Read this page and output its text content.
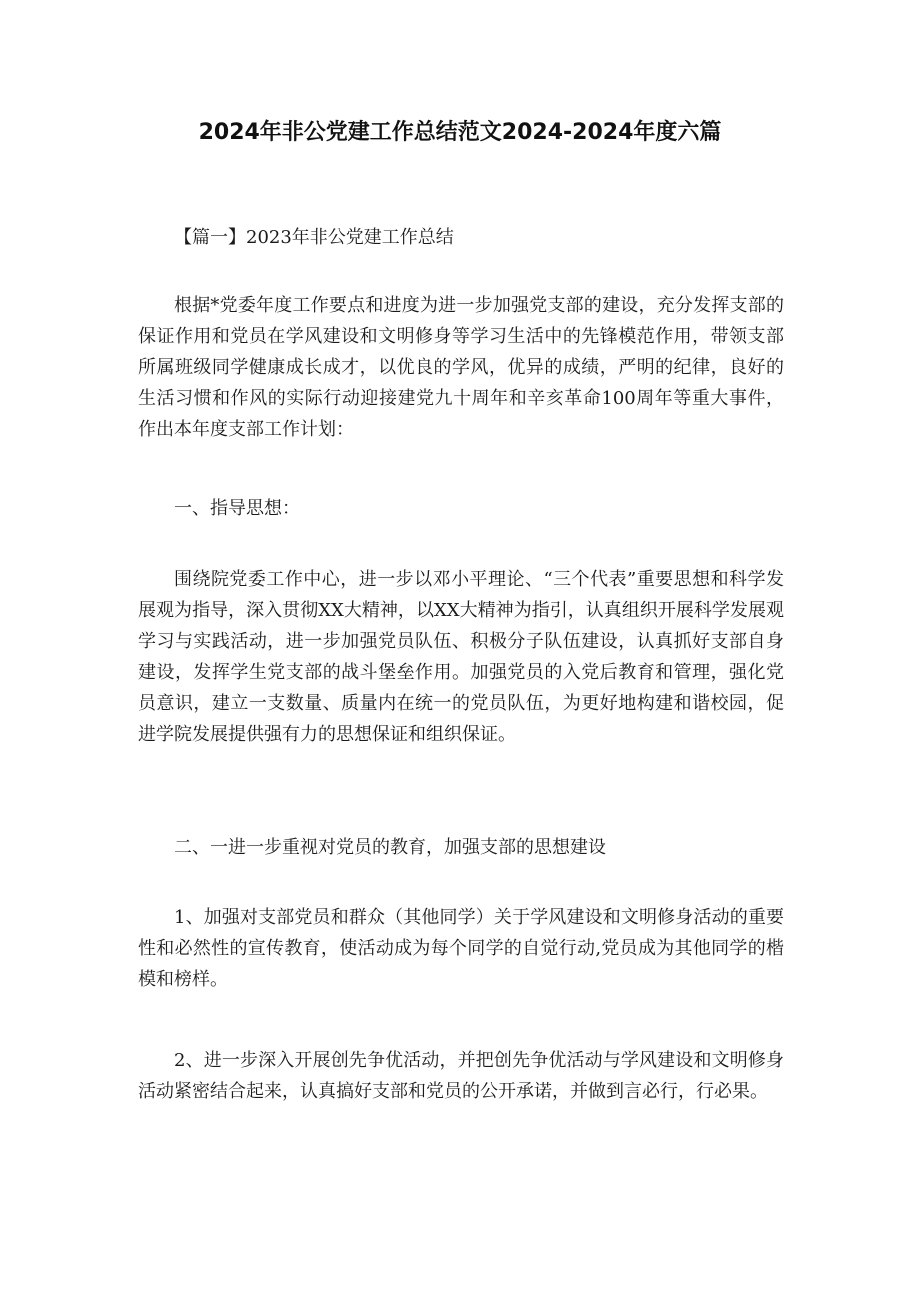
2024年非公党建工作总结范文2024-2024年度六篇
【篇一】2023年非公党建工作总结

根据*党委年度工作要点和进度为进一步加强党支部的建设，充分发挥支部的保证作用和党员在学风建设和文明修身等学习生活中的先锋模范作用，带领支部所属班级同学健康成长成才，以优良的学风，优异的成绩，严明的纪律，良好的生活习惯和作风的实际行动迎接建党九十周年和辛亥革命100周年等重大事件，作出本年度支部工作计划：

一、指导思想：

围绕院党委工作中心，进一步以邓小平理论、“三个代表”重要思想和科学发展观为指导，深入贯彻XX大精神，以XX大精神为指引，认真组织开展科学发展观学习与实践活动，进一步加强党员队伍、积极分子队伍建设，认真抓好支部自身建设，发挥学生党支部的战斗堡垒作用。加强党员的入党后教育和管理，强化党员意识，建立一支数量、质量内在统一的党员队伍，为更好地构建和谐校园，促进学院发展提供强有力的思想保证和组织保证。

二、一进一步重视对党员的教育，加强支部的思想建设

1、加强对支部党员和群众（其他同学）关于学风建设和文明修身活动的重要性和必然性的宣传教育，使活动成为每个同学的自觉行动,党员成为其他同学的楷模和榜样。

2、进一步深入开展创先争优活动，并把创先争优活动与学风建设和文明修身活动紧密结合起来，认真搞好支部和党员的公开承诺，并做到言必行，行必果。
